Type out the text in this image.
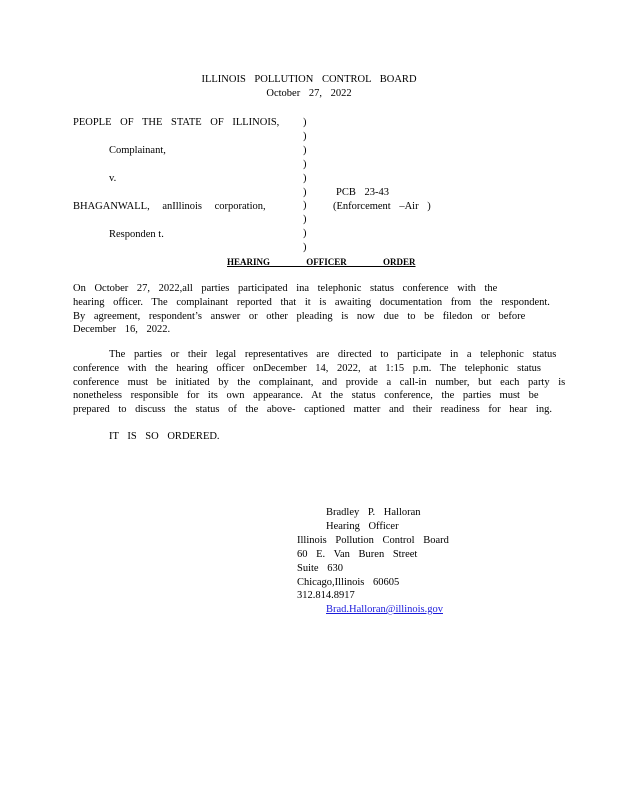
ILLINOIS POLLUTION CONTROL BOARD
October 27, 2022
PEOPLE OF THE STATE OF ILLINOIS,
Complainant,
v.
BHAGANWALL, anIllinois corporation,
Responden t.
)
)
)
)
)
)
)
)
)
)
PCB 23-43
(Enforcement –Air )
HEARING OFFICER ORDER
On October 27, 2022,all parties participated ina telephonic status conference with the
hearing officer. The complainant reported that it is awaiting documentation from the respondent.
By agreement, respondent’s answer or other pleading is now due to be filedon or before
December 16, 2022.
The parties or their legal representatives are directed to participate in a telephonic status
conference with the hearing officer onDecember 14, 2022, at 1:15 p.m. The telephonic status
conference must be initiated by the complainant, and provide a call-in number, but each party is
nonetheless responsible for its own appearance. At the status conference, the parties must be
prepared to discuss the status of the above- captioned matter and their readiness for hear ing.
IT IS SO ORDERED.
Bradley P. Halloran
Hearing Officer
Illinois Pollution Control Board
60 E. Van Buren Street
Suite 630
Chicago,Illinois 60605
312.814.8917
Brad.Halloran@illinois.gov
